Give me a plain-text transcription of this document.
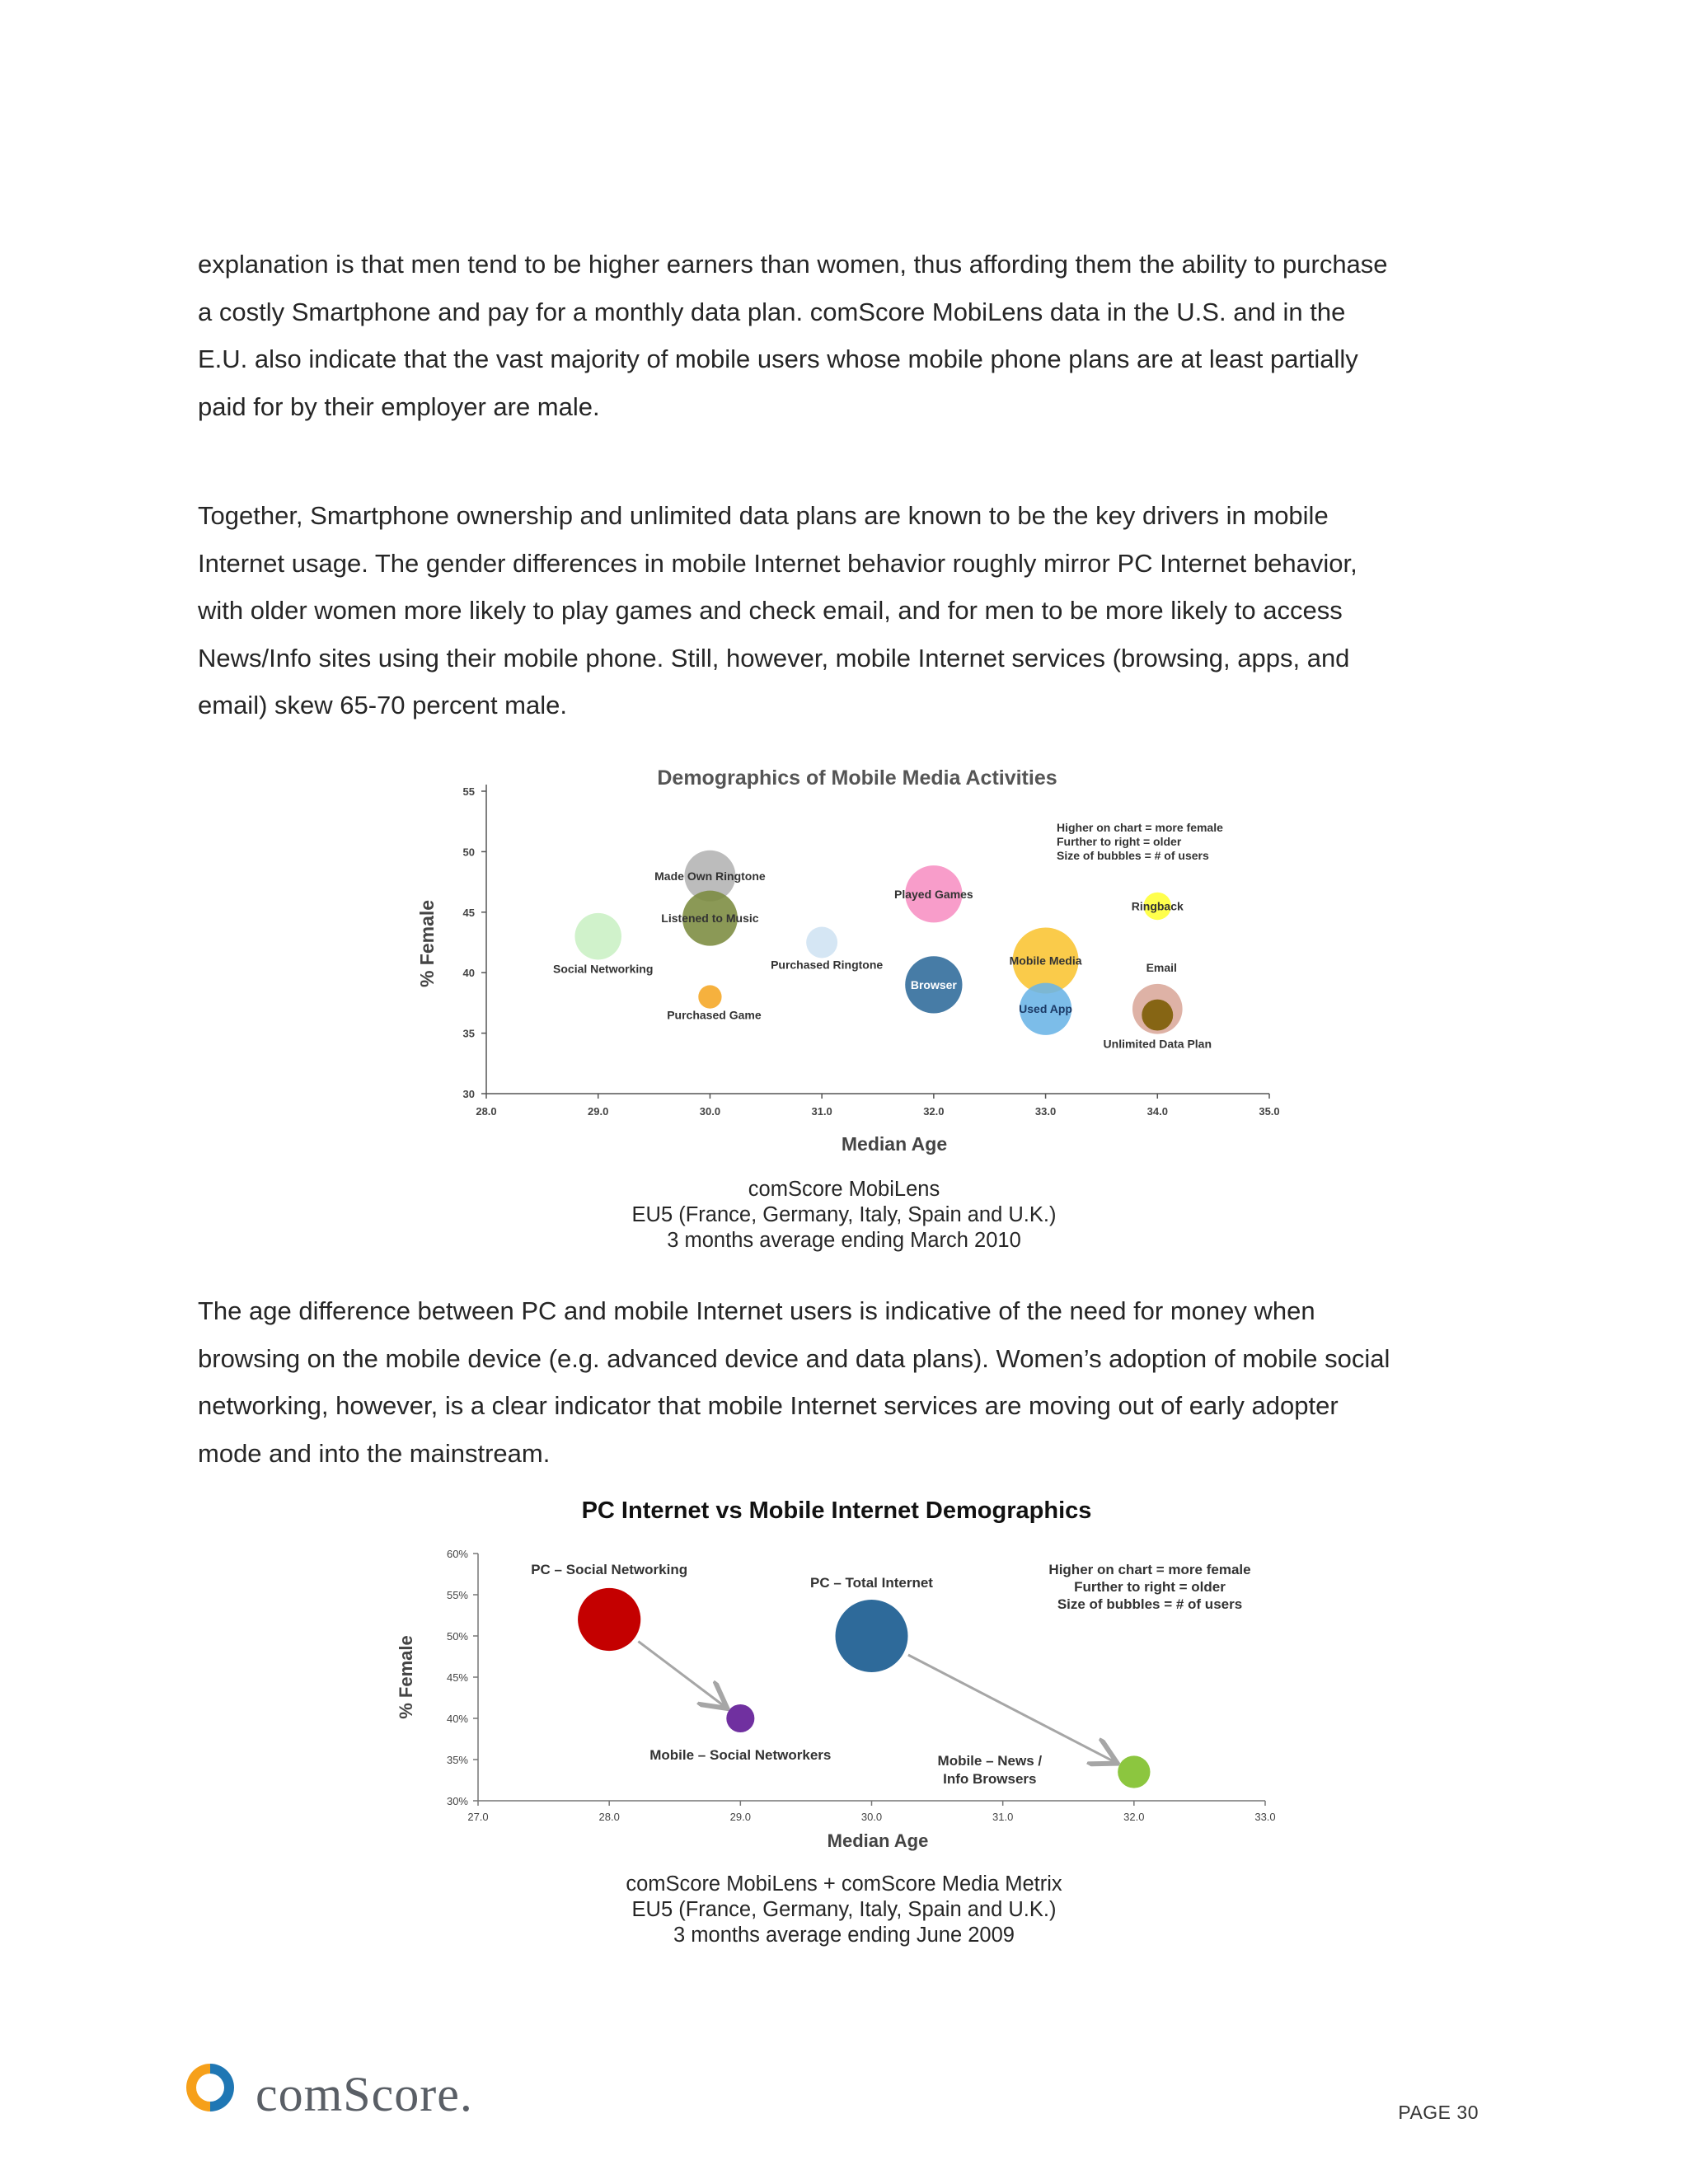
explanation is that men tend to be higher earners than women, thus affording them the ability to purchase
a costly Smartphone and pay for a monthly data plan. comScore MobiLens data in the U.S. and in the
E.U. also indicate that the vast majority of mobile users whose mobile phone plans are at least partially
paid for by their employer are male.

Together, Smartphone ownership and unlimited data plans are known to be the key drivers in mobile
Internet usage. The gender differences in mobile Internet behavior roughly mirror PC Internet behavior,
with older women more likely to play games and check email, and for men to be more likely to access
News/Info sites using their mobile phone. Still, however, mobile Internet services (browsing, apps, and
email) skew 65-70 percent male.

Demographics of Mobile Media Activities
30
35
40
45
50
55
28.0	29.0	30.0	31.0	32.0	33.0	34.0	35.0
Median Age
% Female
Higher on chart = more female
Further to right = older
Size of bubbles = # of users
Made Own Ringtone
Listened to Music
Social Networking
Purchased Game
Purchased Ringtone
Played Games
Browser
Mobile Media
Used App
Ringback
Email
Unlimited Data Plan
comScore MobiLens
EU5 (France, Germany, Italy, Spain and U.K.)
3 months average ending March 2010

The age difference between PC and mobile Internet users is indicative of the need for money when
browsing on the mobile device (e.g. advanced device and data plans). Women’s adoption of mobile social
networking, however, is a clear indicator that mobile Internet services are moving out of early adopter
mode and into the mainstream.

PC Internet vs Mobile Internet Demographics
30%
35%
40%
45%
50%
55%
60%
27.0	28.0	29.0	30.0	31.0	32.0	33.0
Median Age
% Female
Higher on chart = more female
Further to right = older
Size of bubbles = # of users
PC – Social Networking
Mobile – Social Networkers
PC – Total Internet
Mobile – News /
Info Browsers
comScore MobiLens + comScore Media Metrix
EU5 (France, Germany, Italy, Spain and U.K.)
3 months average ending June 2009
comScore.	PAGE 30
